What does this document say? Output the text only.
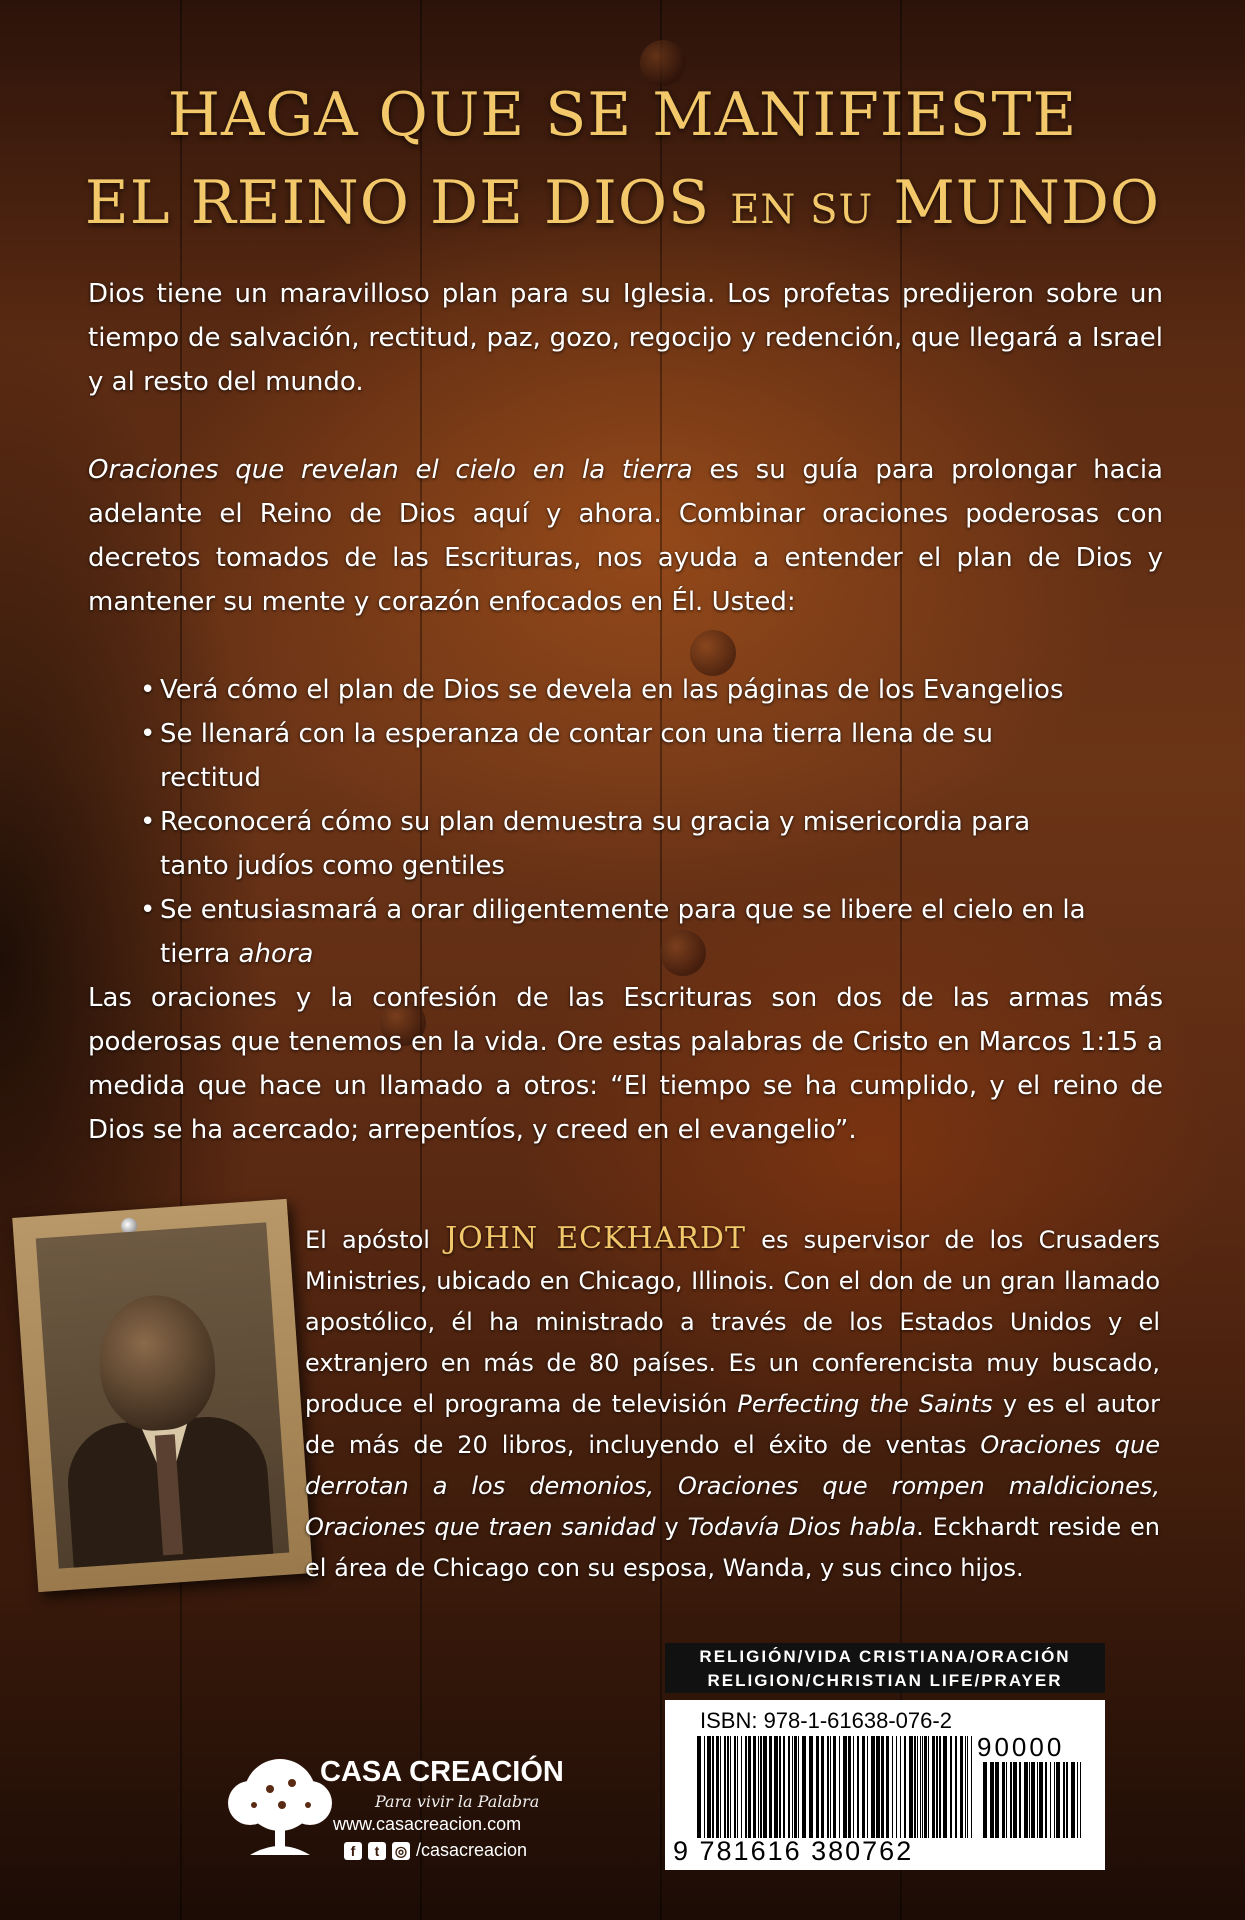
HAGA QUE SE MANIFIESTE
EL REINO DE DIOS EN SU MUNDO
Dios tiene un maravilloso plan para su Iglesia. Los profetas predijeron sobre un tiempo de salvación, rectitud, paz, gozo, regocijo y redención, que llegará a Israel y al resto del mundo.
Oraciones que revelan el cielo en la tierra es su guía para prolongar hacia adelante el Reino de Dios aquí y ahora. Combinar oraciones poderosas con decretos tomados de las Escrituras, nos ayuda a entender el plan de Dios y mantener su mente y corazón enfocados en Él. Usted:
• Verá cómo el plan de Dios se devela en las páginas de los Evangelios
• Se llenará con la esperanza de contar con una tierra llena de su rectitud
• Reconocerá cómo su plan demuestra su gracia y misericordia para tanto judíos como gentiles
• Se entusiasmará a orar diligentemente para que se libere el cielo en la tierra ahora
Las oraciones y la confesión de las Escrituras son dos de las armas más poderosas que tenemos en la vida. Ore estas palabras de Cristo en Marcos 1:15 a medida que hace un llamado a otros: “El tiempo se ha cumplido, y el reino de Dios se ha acercado; arrepentíos, y creed en el evangelio”.
El apóstol JOHN ECKHARDT es supervisor de los Crusaders Ministries, ubicado en Chicago, Illinois. Con el don de un gran llamado apostólico, él ha ministrado a través de los Estados Unidos y el extranjero en más de 80 países. Es un conferencista muy buscado, produce el programa de televisión Perfecting the Saints y es el autor de más de 20 libros, incluyendo el éxito de ventas Oraciones que derrotan a los demonios, Oraciones que rompen maldiciones, Oraciones que traen sanidad y Todavía Dios habla. Eckhardt reside en el área de Chicago con su esposa, Wanda, y sus cinco hijos.
RELIGIÓN/VIDA CRISTIANA/ORACIÓN
RELIGION/CHRISTIAN LIFE/PRAYER
ISBN: 978-1-61638-076-2
90000
9 781616 380762
CASA CREACIÓN
Para vivir la Palabra
www.casacreacion.com
f	t	◎ /casacreacion
